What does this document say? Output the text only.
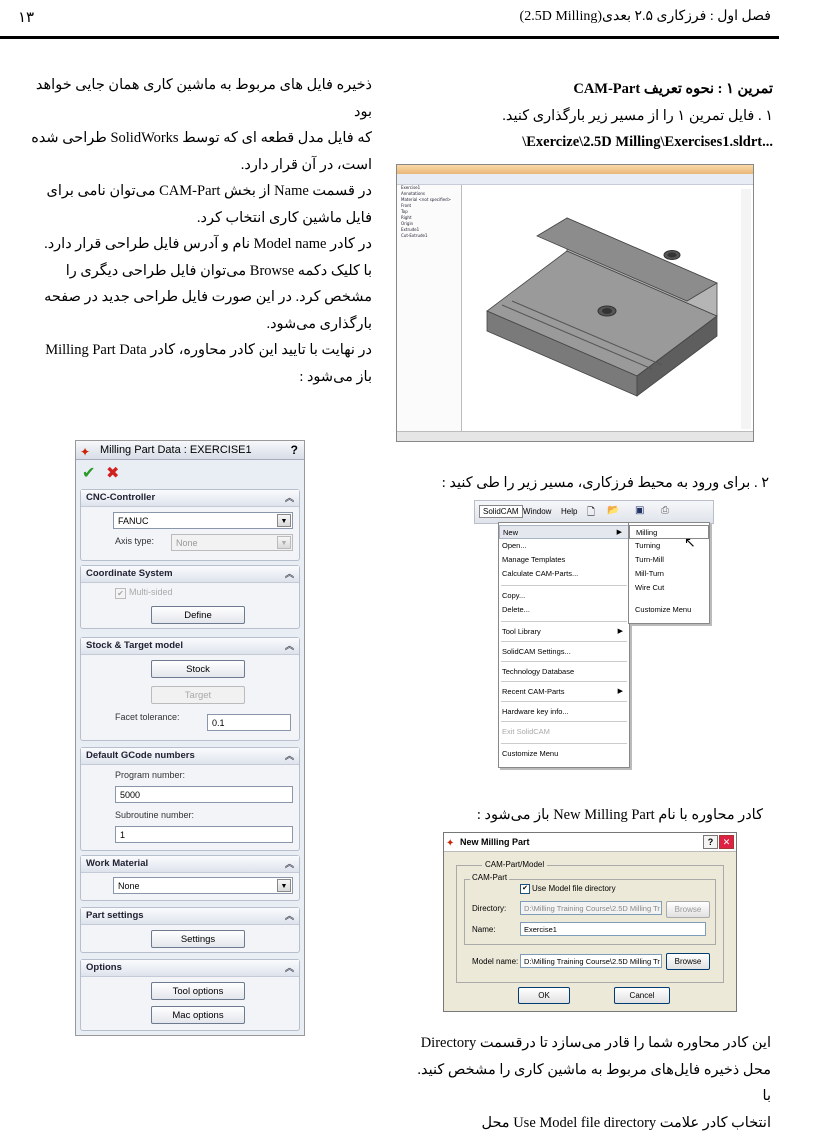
فصل اول : فرزکاری ۲.۵ بعدی(2.5D Milling)
۱۳

تمرین ۱ : نحوه تعریف CAM-Part

۱ . فایل تمرین ۱ را از مسیر زیر بارگذاری کنید.

\Exercize\2.5D Milling\Exercises1.sldrt...

ذخیره فایل های مربوط به ماشین کاری همان جایی خواهد بود

که فایل مدل قطعه ای که توسط SolidWorks طراحی شده

است، در آن قرار دارد.

در قسمت Name از بخش CAM-Part می‌توان نامی برای

فایل ماشین کاری انتخاب کرد.

در کادر Model name نام و آدرس فایل طراحی قرار دارد.

با کلیک دکمه Browse می‌توان فایل طراحی دیگری را

مشخص کرد. در این صورت فایل طراحی جدید در صفحه

بارگذاری می‌شود.

در نهایت با تایید این کادر محاوره، کادر Milling Part Data

باز می‌شود :

Exercise1
Annotations
Material <not specified>
Front
Top
Right
Origin
Extrude1
Cut-Extrude1
۲ . برای ورود به محیط فرزکاری، مسیر زیر را طی کنید :
SolidCAM Window Help 🗋 📂 ▣ ⎙
New	▶
Open...
Manage Templates
Calculate CAM-Parts...
Copy...
Delete...
Tool Library	▶
SolidCAM Settings...
Technology Database
Recent CAM-Parts	▶
Hardware key info...
Exit SolidCAM
Customize Menu
Milling
Turning
Turn-Mill
Mill-Turn
Wire Cut
Customize Menu
↖
کادر محاوره با نام New Milling Part باز می‌شود :
✦ New Milling Part	?	✕
CAM-Part/Model
CAM-Part
✔ Use Model file directory
Directory:	D:\Milling Training Course\2.5D Milling Tr	Browse
Name:	Exercise1
Model name: D:\Milling Training Course\2.5D Milling Tr	Browse
OK	Cancel
این کادر محاوره شما را قادر می‌سازد تا درقسمت Directory
محل ذخیره فایل‌های مربوط به ماشین کاری را مشخص کنید. با
انتخاب کادر علامت Use Model file directory محل
✦ Milling Part Data : EXERCISE1	?
✔ ✖
CNC-Controller	︽
FANUC	▼
Axis type:	None	▼
Coordinate System	︽
✔ Multi-sided
Define
Stock & Target model	︽
Stock
Target
Facet tolerance:
0.1
Default GCode numbers	︽
Program number:
5000
Subroutine number:
1
Work Material	︽
None	▼
Part settings	︽
Settings
Options	︽
Tool options
Mac options
